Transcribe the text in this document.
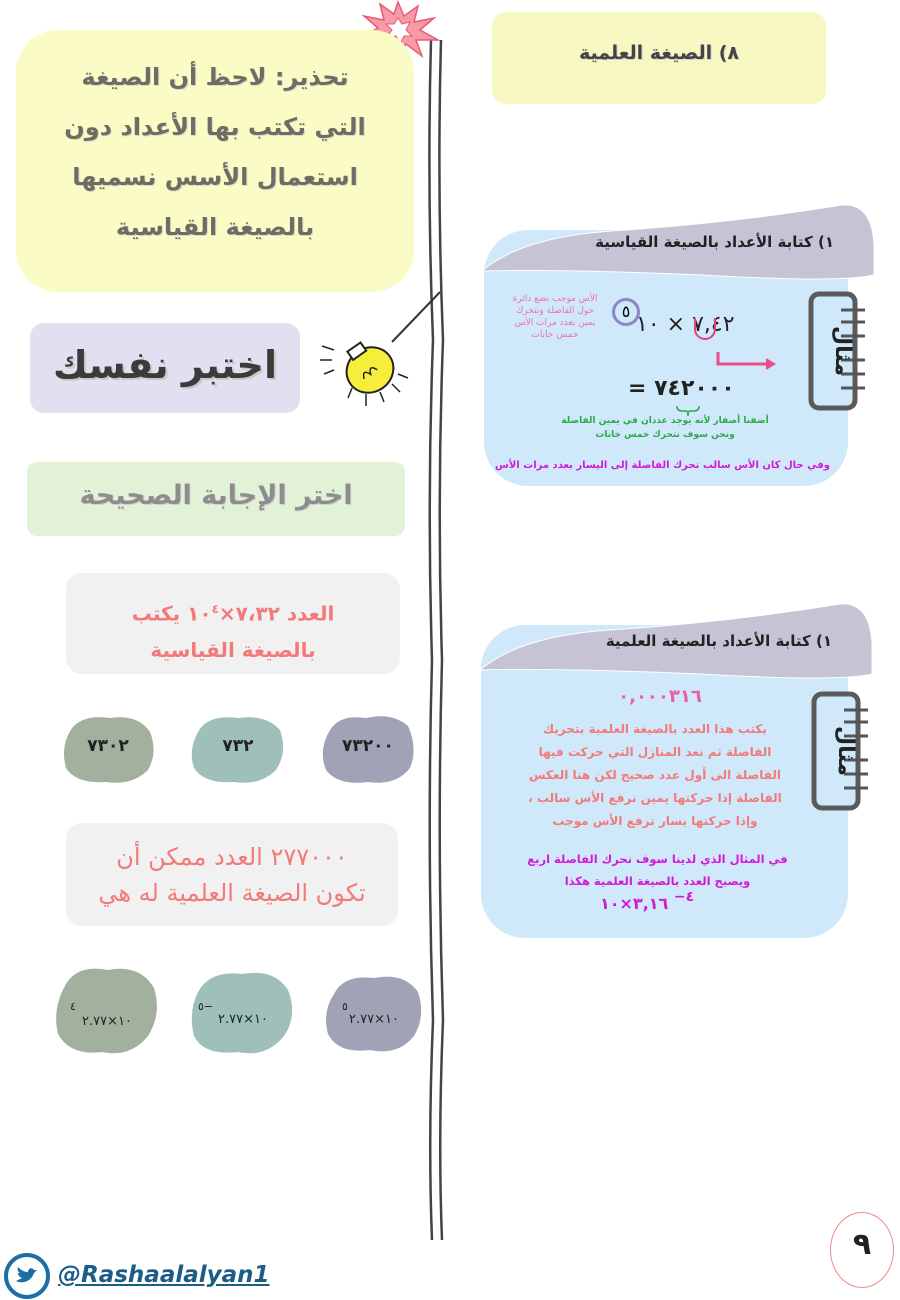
@Rashaalalyan1
٩
٨) الصيغة العلمية

تحذير: لاحظ أن الصيغة

التي تكتب بها الأعداد دون

استعمال الأسس نسميها

بالصيغة القياسية

اختبر نفسك
اختر الإجابة الصحيحة
العدد $٧،٣٢\times ١٠^٤$ يكتب
بالصيغة القياسية
٧٣٢٠٠
٧٣٢
٧٣٠٢
٢٧٧٠٠٠ العدد ممكن أن
تكون الصيغة العلمية له هي
٥
١٠×٢.٧٧
٥−
١٠×٢.٧٧
٤
١٠×٢.٧٧
١) كتابة الأعداد بالصيغة القياسية
مثال
الأس موجب نضع دائرة
حول الفاصلة ونتحرك
يمين بعدد مرات الأس
خمس خانات
٥
٧,٤٢ × ١٠
٧٤٢٠٠٠ =
أضفنا أصفار لأنه يوجد عددان في يمين الفاصلة
ونحن سوف نتحرك خمس خانات
وفي حال كان الأس سالب نحرك الفاصلة إلى اليسار بعدد مرات الأس
١) كتابة الأعداد بالصيغة العلمية
مثال
٠,٠٠٠٣١٦
يكتب هذا العدد بالصيغة العلمية بتحريك
الفاصلة ثم نعد المنازل التي حركت فيها
الفاصلة الى أول عدد صحيح لكن هنا العكس
الفاصلة إذا حركتها يمين نرفع الأس سالب ،
وإذا حركتها يسار ترفع الأس موجب
في المثال الذي لدينا سوف نحرك الفاصلة اربع
ويصبح العدد بالصيغة العلمية هكذا
٤− ٣,١٦×١٠
